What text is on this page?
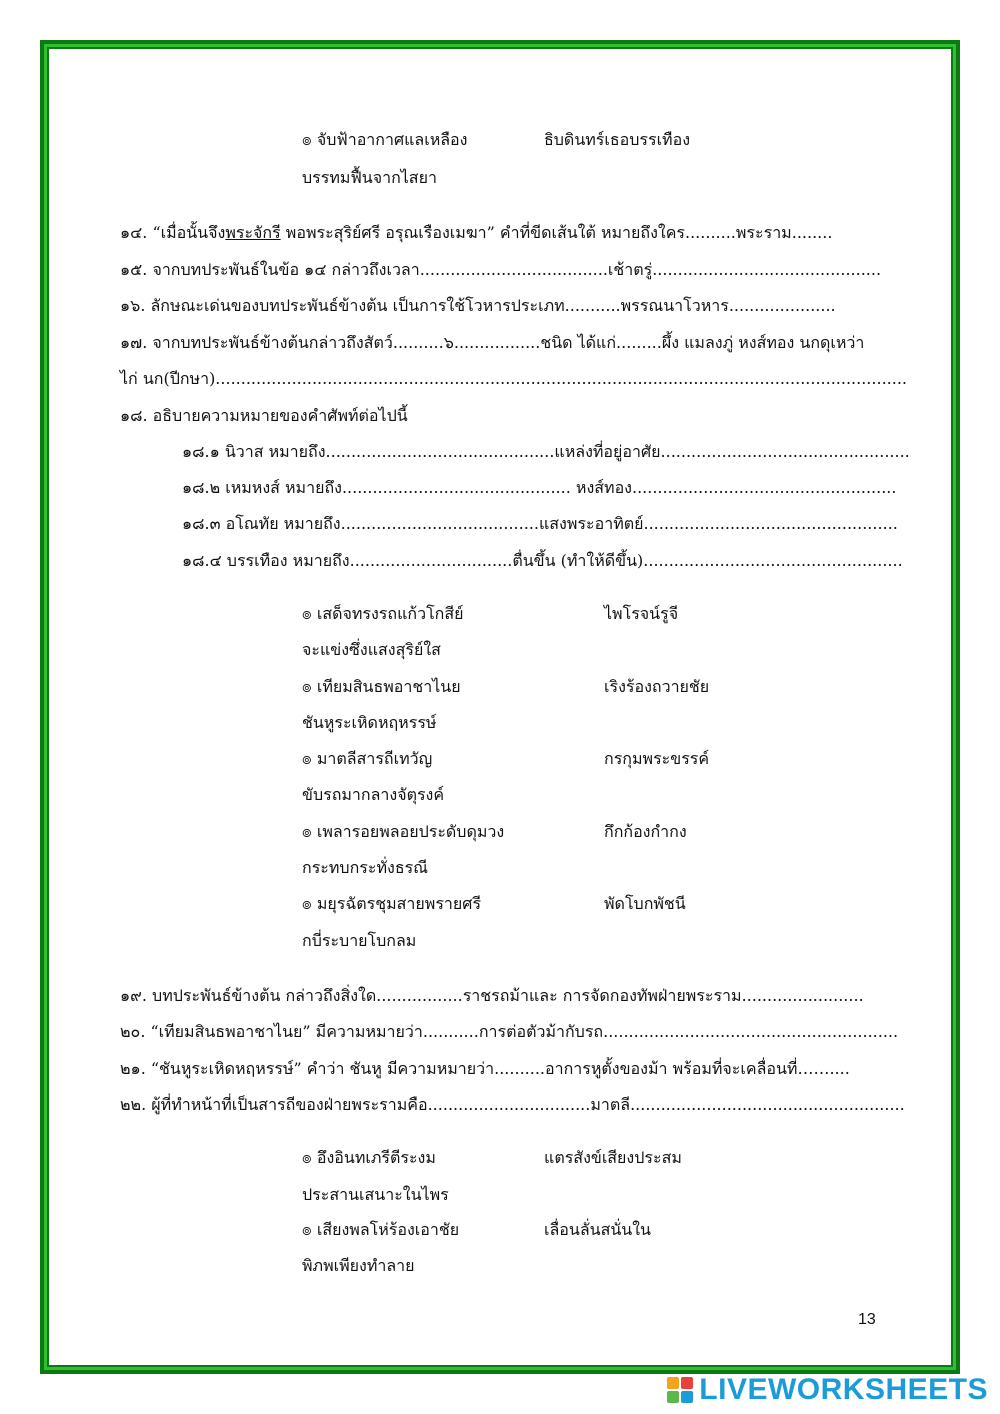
๏ จับฟ้าอากาศแลเหลือง	ธิบดินทร์เธอบรรเทือง
บรรทมฟื้นจากไสยา
๑๔. “เมื่อนั้นจึงพระจักรี พอพระสุริย์ศรี อรุณเรืองเมฆา” คำที่ขีดเส้นใต้ หมายถึงใคร..........พระราม........
๑๕. จากบทประพันธ์ในข้อ ๑๔ กล่าวถึงเวลา.....................................เช้าตรู่.............................................
๑๖. ลักษณะเด่นของบทประพันธ์ข้างต้น เป็นการใช้โวหารประเภท...........พรรณนาโวหาร.....................
๑๗. จากบทประพันธ์ข้างต้นกล่าวถึงสัตว์..........๖.................ชนิด ได้แก่.........ผึ้ง แมลงภู่ หงส์ทอง นกดุเหว่า
ไก่ นก(ปีกษา)........................................................................................................................................
๑๘. อธิบายความหมายของคำศัพท์ต่อไปนี้
๑๘.๑ นิวาส หมายถึง.............................................แหล่งที่อยู่อาศัย.................................................
๑๘.๒ เหมหงส์ หมายถึง............................................. หงส์ทอง....................................................
๑๘.๓ อโณทัย หมายถึง.......................................แสงพระอาทิตย์..................................................
๑๘.๔ บรรเทือง หมายถึง................................ตื่นขึ้น (ทำให้ดีขึ้น)...................................................
๏ เสด็จทรงรถแก้วโกสีย์	ไพโรจน์รูจี
จะแข่งซึ่งแสงสุริย์ใส
๏ เทียมสินธพอาชาไนย	เริงร้องถวายชัย
ชันหูระเหิดหฤหรรษ์
๏ มาตลีสารถีเทวัญ	กรกุมพระขรรค์
ขับรถมากลางจัตุรงค์
๏ เพลารอยพลอยประดับดุมวง	กึกก้องกำกง
กระทบกระทั่งธรณี
๏ มยุรฉัตรชุมสายพรายศรี	พัดโบกพัชนี
กบี่ระบายโบกลม
๑๙. บทประพันธ์ข้างต้น กล่าวถึงสิ่งใด.................ราชรถม้าและ การจัดกองทัพฝ่ายพระราม........................
๒๐. “เทียมสินธพอาชาไนย” มีความหมายว่า...........การต่อตัวม้ากับรถ..........................................................
๒๑. “ชันหูระเหิดหฤหรรษ์” คำว่า ชันหู มีความหมายว่า..........อาการหูตั้งของม้า พร้อมที่จะเคลื่อนที่……....
๒๒. ผู้ที่ทำหน้าที่เป็นสารถีของฝ่ายพระรามคือ................................มาตลี......................................................
๏ อึงอินทเภรีตีระงม	แตรสังข์เสียงประสม
ประสานเสนาะในไพร
๏ เสียงพลโห่ร้องเอาชัย	เลื่อนลั่นสนั่นใน
พิภพเพียงทำลาย
13
LIVEWORKSHEETS
